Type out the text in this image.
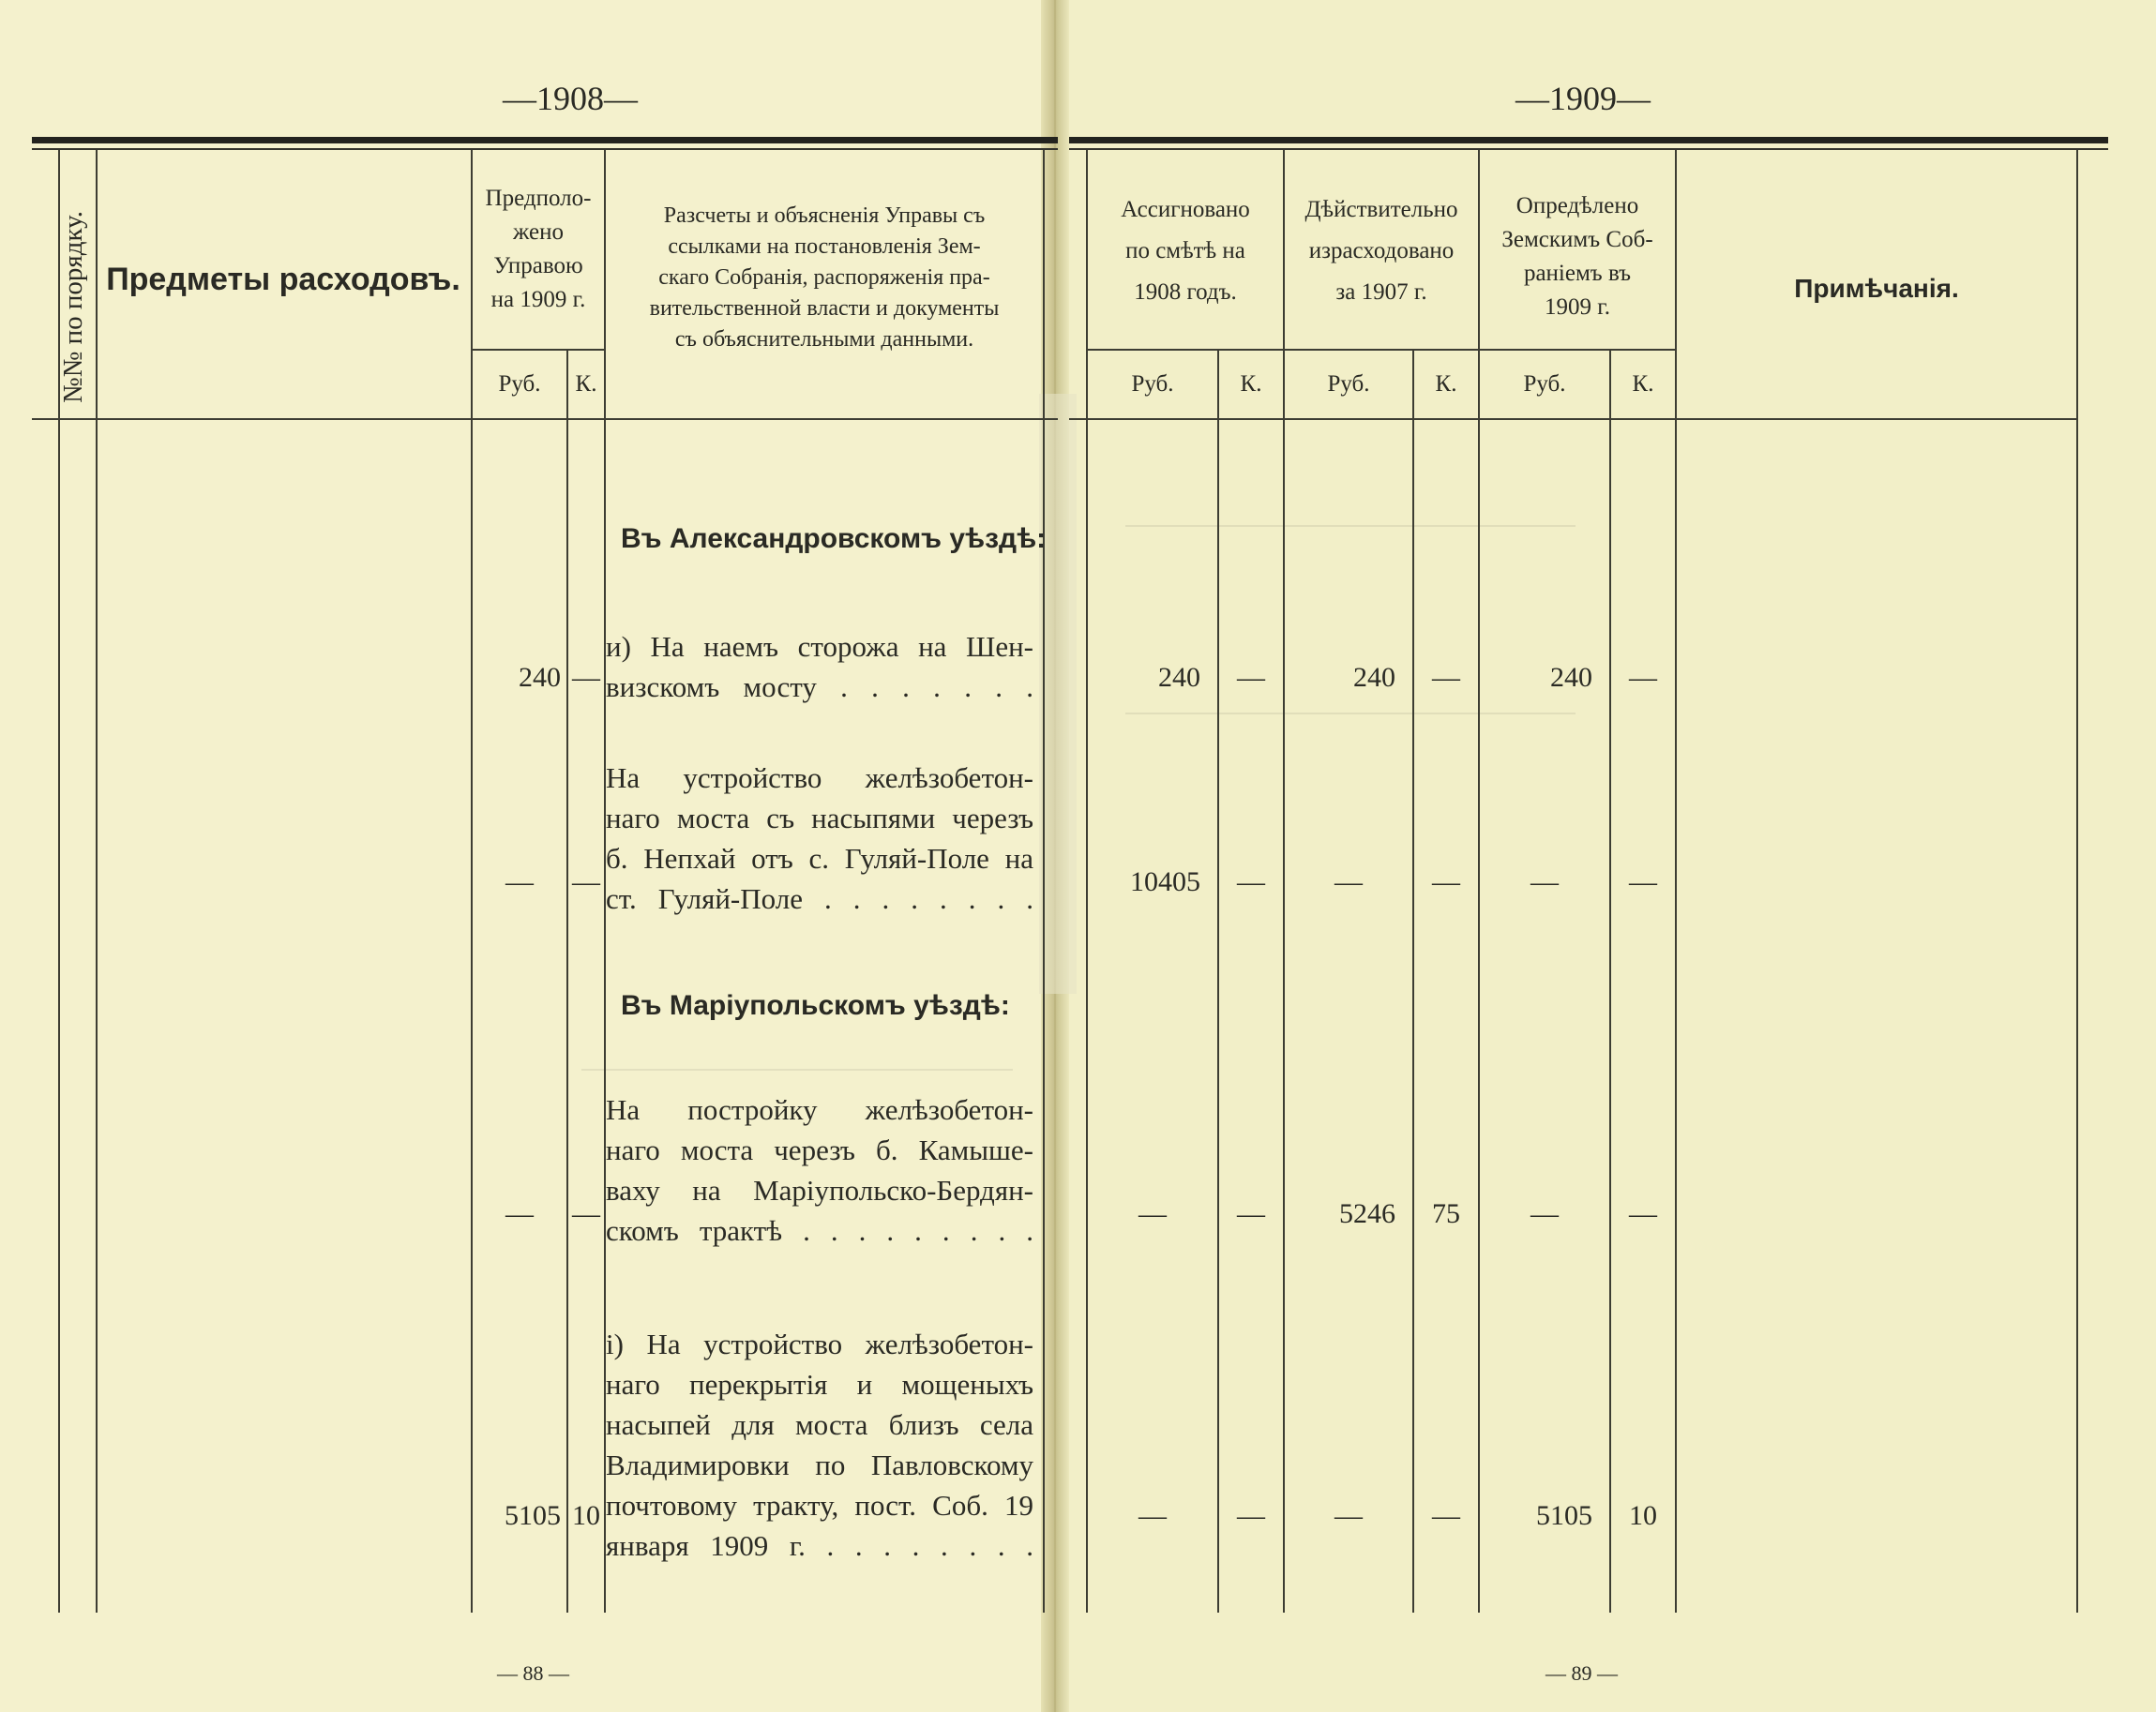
—1908—	—1909—
№№ по порядку. Предметы расходовъ.
Предполо-
жено
Управою
на 1909 г.
Разсчеты и объясненія Управы съ
ссылками на постановленія Зем-
скаго Собранія, распоряженія пра-
вительственной власти и документы
съ объяснительными данными.
Руб.	К.
Ассигновано
по смѣтѣ на
1908 годъ.
Дѣйствительно
израсходовано
за 1907 г.
Опредѣлено
Земскимъ Соб-
раніемъ въ
1909 г.
Примѣчанія.
Руб.	К.	Руб.	К.	Руб.	К.
Въ Александровскомъ уѣздѣ:
и) На наемъ сторожа на Шен-
визскомъ мосту . . . . . . .
240 —	240	—	240	—	240	—
На устройство желѣзобетон-
наго моста съ насыпями черезъ
б. Непхай отъ с. Гуляй-Поле на
ст. Гуляй-Поле . . . . . . . .
—	—	10405	—	—	—	—	—
Въ Маріупольскомъ уѣздѣ:
На постройку желѣзобетон-
наго моста черезъ б. Камыше-
ваху на Маріупольско-Бердян-
скомъ трактѣ . . . . . . . . .
—	—	—	—	5246	75	—	—
і) На устройство желѣзобетон-
наго перекрытія и мощеныхъ
насыпей для моста близъ села
Владимировки по Павловскому
почтовому тракту, пост. Соб. 19
января 1909 г. . . . . . . . .
5105 10	—	—	—	—	5105	10
— 88 —	— 89 —
